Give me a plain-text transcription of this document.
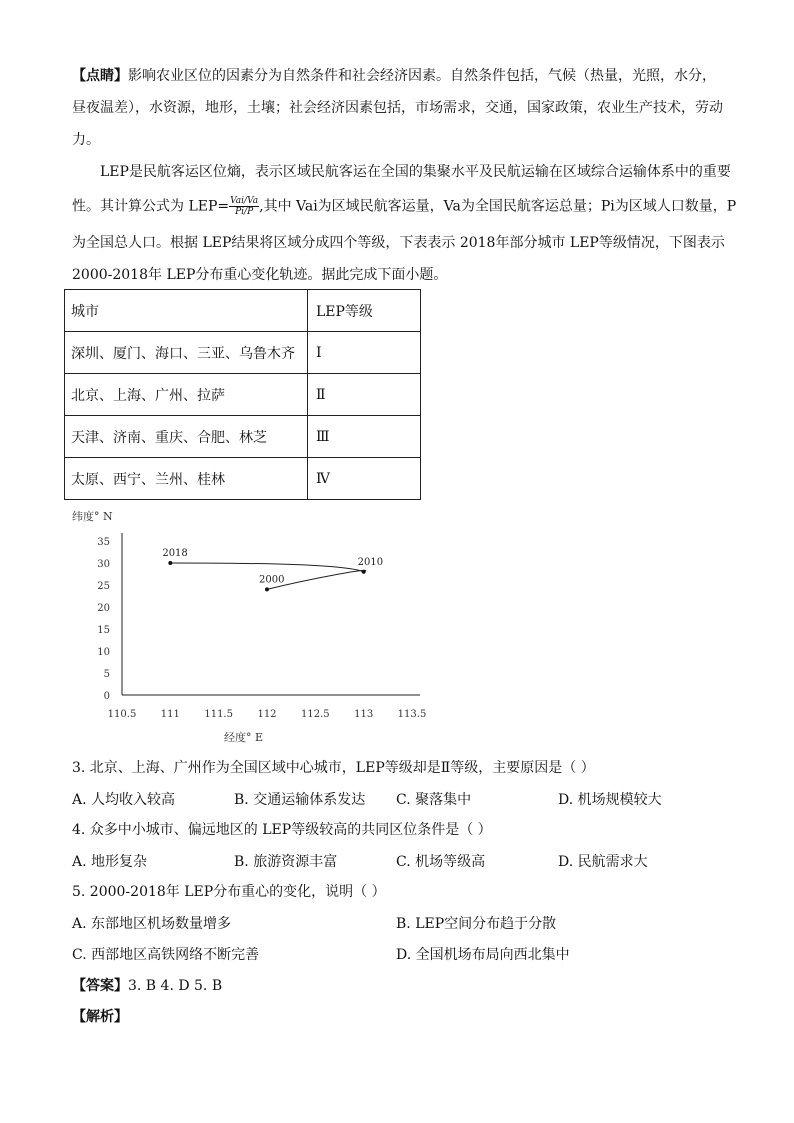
【点睛】影响农业区位的因素分为自然条件和社会经济因素。自然条件包括，气候（热量，光照，水分，
昼夜温差），水资源，地形，土壤；社会经济因素包括，市场需求，交通，国家政策，农业生产技术，劳动
力。
LEP是民航客运区位熵，表示区域民航客运在全国的集聚水平及民航运输在区域综合运输体系中的重要
性。其计算公式为 $LEP= \frac{\text{Vai/Va}}{Pi/P}$ ,其中 Vai为区域民航客运量，Va为全国民航客运总量；Pi为区域人口数量，P
为全国总人口。根据 LEP结果将区域分成四个等级，下表表示 2018年部分城市 LEP等级情况，下图表示
2000-2018年 LEP分布重心变化轨迹。据此完成下面小题。
城市	LEP等级
深圳、厦门、海口、三亚、乌鲁木齐	Ⅰ
北京、上海、广州、拉萨	Ⅱ
天津、济南、重庆、合肥、林芝	Ⅲ
太原、西宁、兰州、桂林	Ⅳ
纬度° N
经度° E
0
5
10
15
20
25
30
35
110.5 111 111.5 112 112.5 113 113.5
2000
2010
2018
3. 北京、上海、广州作为全国区域中心城市，LEP等级却是Ⅱ等级，主要原因是（ ）
A. 人均收入较高	B. 交通运输体系发达 C. 聚落集中	D. 机场规模较大
4. 众多中小城市、偏远地区的 LEP等级较高的共同区位条件是（ ）
A. 地形复杂	B. 旅游资源丰富	C. 机场等级高	D. 民航需求大
5. 2000-2018年 LEP分布重心的变化，说明（ ）
A. 东部地区机场数量增多	B. LEP空间分布趋于分散
C. 西部地区高铁网络不断完善	D. 全国机场布局向西北集中
【答案】3. B 4. D 5. B
【解析】
